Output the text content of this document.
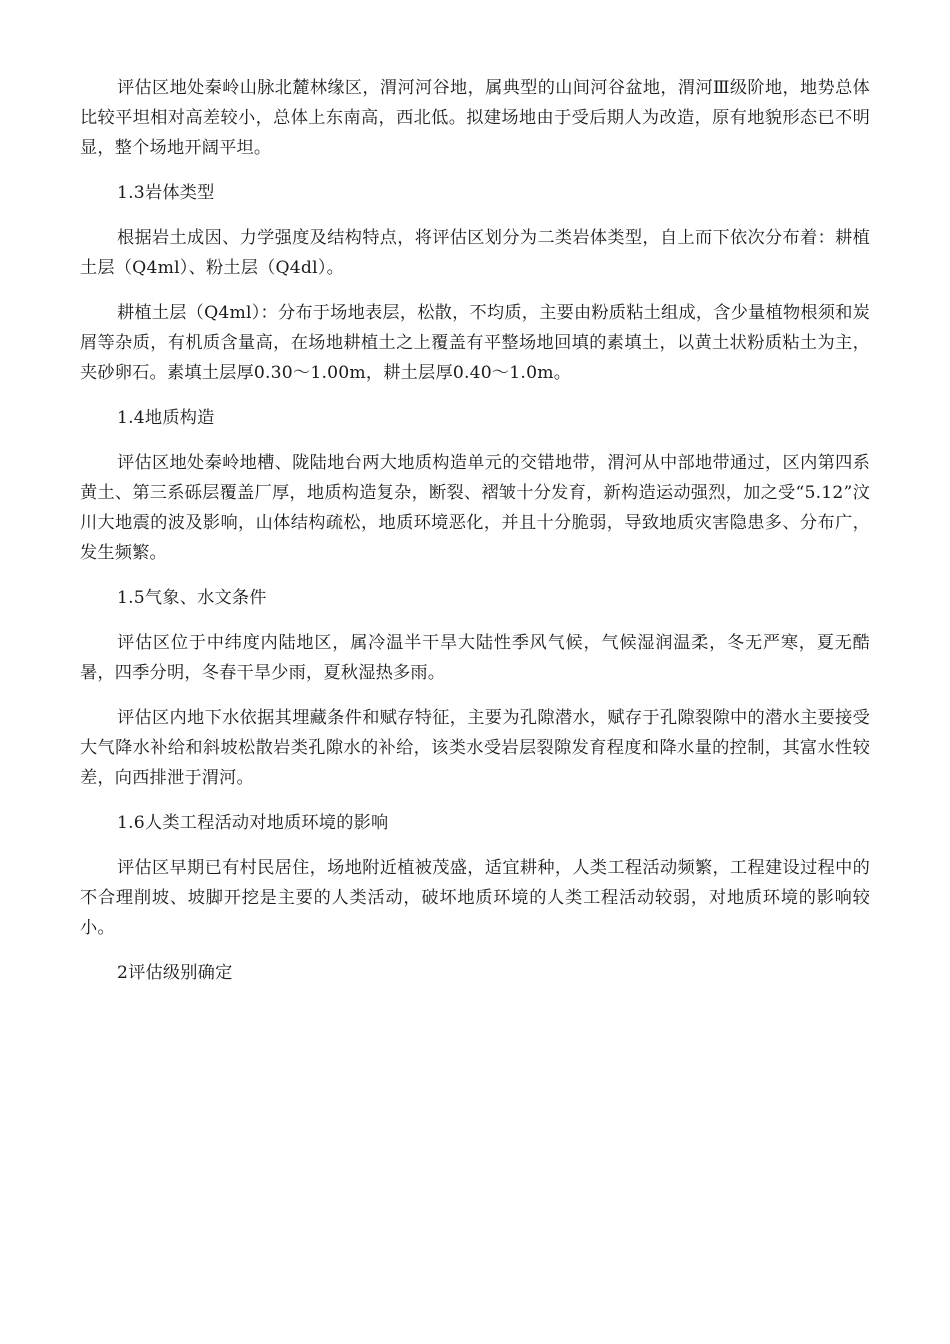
评估区地处秦岭山脉北麓林缘区，渭河河谷地，属典型的山间河谷盆地，渭河Ⅲ级阶地，地势总体比较平坦相对高差较小，总体上东南高，西北低。拟建场地由于受后期人为改造，原有地貌形态已不明显，整个场地开阔平坦。

1.3岩体类型

根据岩土成因、力学强度及结构特点，将评估区划分为二类岩体类型，自上而下依次分布着：耕植土层（Q4ml）、粉土层（Q4dl）。

耕植土层（Q4ml）：分布于场地表层，松散，不均质，主要由粉质粘土组成，含少量植物根须和炭屑等杂质，有机质含量高，在场地耕植土之上覆盖有平整场地回填的素填土，以黄土状粉质粘土为主，夹砂卵石。素填土层厚0.30～1.00m，耕土层厚0.40～1.0m。

1.4地质构造

评估区地处秦岭地槽、陇陆地台两大地质构造单元的交错地带，渭河从中部地带通过，区内第四系黄土、第三系砾层覆盖厂厚，地质构造复杂，断裂、褶皱十分发育，新构造运动强烈，加之受“5.12”汶川大地震的波及影响，山体结构疏松，地质环境恶化，并且十分脆弱，导致地质灾害隐患多、分布广，发生频繁。

1.5气象、水文条件

评估区位于中纬度内陆地区，属冷温半干旱大陆性季风气候，气候湿润温柔，冬无严寒，夏无酷暑，四季分明，冬春干旱少雨，夏秋湿热多雨。

评估区内地下水依据其埋藏条件和赋存特征，主要为孔隙潜水，赋存于孔隙裂隙中的潜水主要接受大气降水补给和斜坡松散岩类孔隙水的补给，该类水受岩层裂隙发育程度和降水量的控制，其富水性较差，向西排泄于渭河。

1.6人类工程活动对地质环境的影响

评估区早期已有村民居住，场地附近植被茂盛，适宜耕种，人类工程活动频繁，工程建设过程中的不合理削坡、坡脚开挖是主要的人类活动，破坏地质环境的人类工程活动较弱，对地质环境的影响较小。

2评估级别确定
